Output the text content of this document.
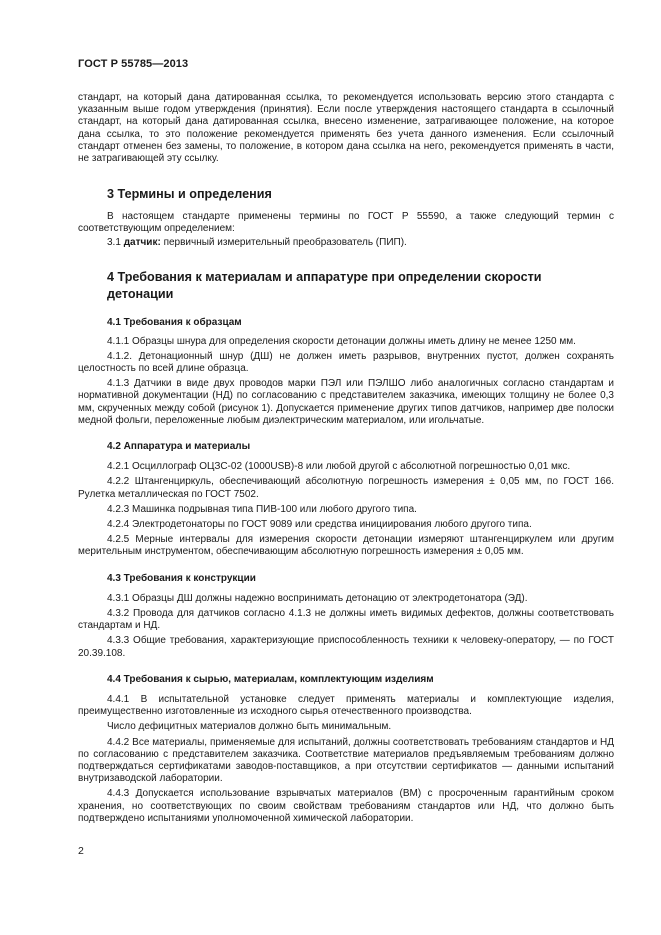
ГОСТ Р 55785—2013

стандарт, на который дана датированная ссылка, то рекомендуется использовать версию этого стандарта с указанным выше годом утверждения (принятия). Если после утверждения настоящего стандарта в ссылочный стандарт, на который дана датированная ссылка, внесено изменение, затрагивающее положение, на которое дана ссылка, то это положение рекомендуется применять без учета данного изменения. Если ссылочный стандарт отменен без замены, то положение, в котором дана ссылка на него, рекомендуется применять в части, не затрагивающей эту ссылку.

3 Термины и определения

В настоящем стандарте применены термины по ГОСТ Р 55590, а также следующий термин с соответствующим определением:

3.1 датчик: первичный измерительный преобразователь (ПИП).

4 Требования к материалам и аппаратуре при определении скорости детонации
4.1 Требования к образцам

4.1.1 Образцы шнура для определения скорости детонации должны иметь длину не менее 1250 мм.

4.1.2. Детонационный шнур (ДШ) не должен иметь разрывов, внутренних пустот, должен сохранять целостность по всей длине образца.

4.1.3 Датчики в виде двух проводов марки ПЭЛ или ПЭЛШО либо аналогичных согласно стандартам и нормативной документации (НД) по согласованию с представителем заказчика, имеющих толщину не более 0,3 мм, скрученных между собой (рисунок 1). Допускается применение других типов датчиков, например две полоски медной фольги, переложенные любым диэлектрическим материалом, или игольчатые.

4.2 Аппаратура и материалы

4.2.1 Осциллограф ОЦЗС-02 (1000USB)-8 или любой другой с абсолютной погрешностью 0,01 мкс.

4.2.2 Штангенциркуль, обеспечивающий абсолютную погрешность измерения ± 0,05 мм, по ГОСТ 166. Рулетка металлическая по ГОСТ 7502.

4.2.3 Машинка подрывная типа ПИВ-100 или любого другого типа.

4.2.4 Электродетонаторы по ГОСТ 9089 или средства инициирования любого другого типа.

4.2.5 Мерные интервалы для измерения скорости детонации измеряют штангенциркулем или другим мерительным инструментом, обеспечивающим абсолютную погрешность измерения ± 0,05 мм.

4.3 Требования к конструкции

4.3.1 Образцы ДШ должны надежно воспринимать детонацию от электродетонатора (ЭД).

4.3.2 Провода для датчиков согласно 4.1.3 не должны иметь видимых дефектов, должны соответствовать стандартам и НД.

4.3.3 Общие требования, характеризующие приспособленность техники к человеку-оператору, — по ГОСТ 20.39.108.

4.4 Требования к сырью, материалам, комплектующим изделиям

4.4.1 В испытательной установке следует применять материалы и комплектующие изделия, преимущественно изготовленные из исходного сырья отечественного производства.

Число дефицитных материалов должно быть минимальным.

4.4.2 Все материалы, применяемые для испытаний, должны соответствовать требованиям стандартов и НД по согласованию с представителем заказчика. Соответствие материалов предъявляемым требованиям должно подтверждаться сертификатами заводов-поставщиков, а при отсутствии сертификатов — данными испытаний внутризаводской лаборатории.

4.4.3 Допускается использование взрывчатых материалов (ВМ) с просроченным гарантийным сроком хранения, но соответствующих по своим свойствам требованиям стандартов или НД, что должно быть подтверждено испытаниями уполномоченной химической лаборатории.

2
